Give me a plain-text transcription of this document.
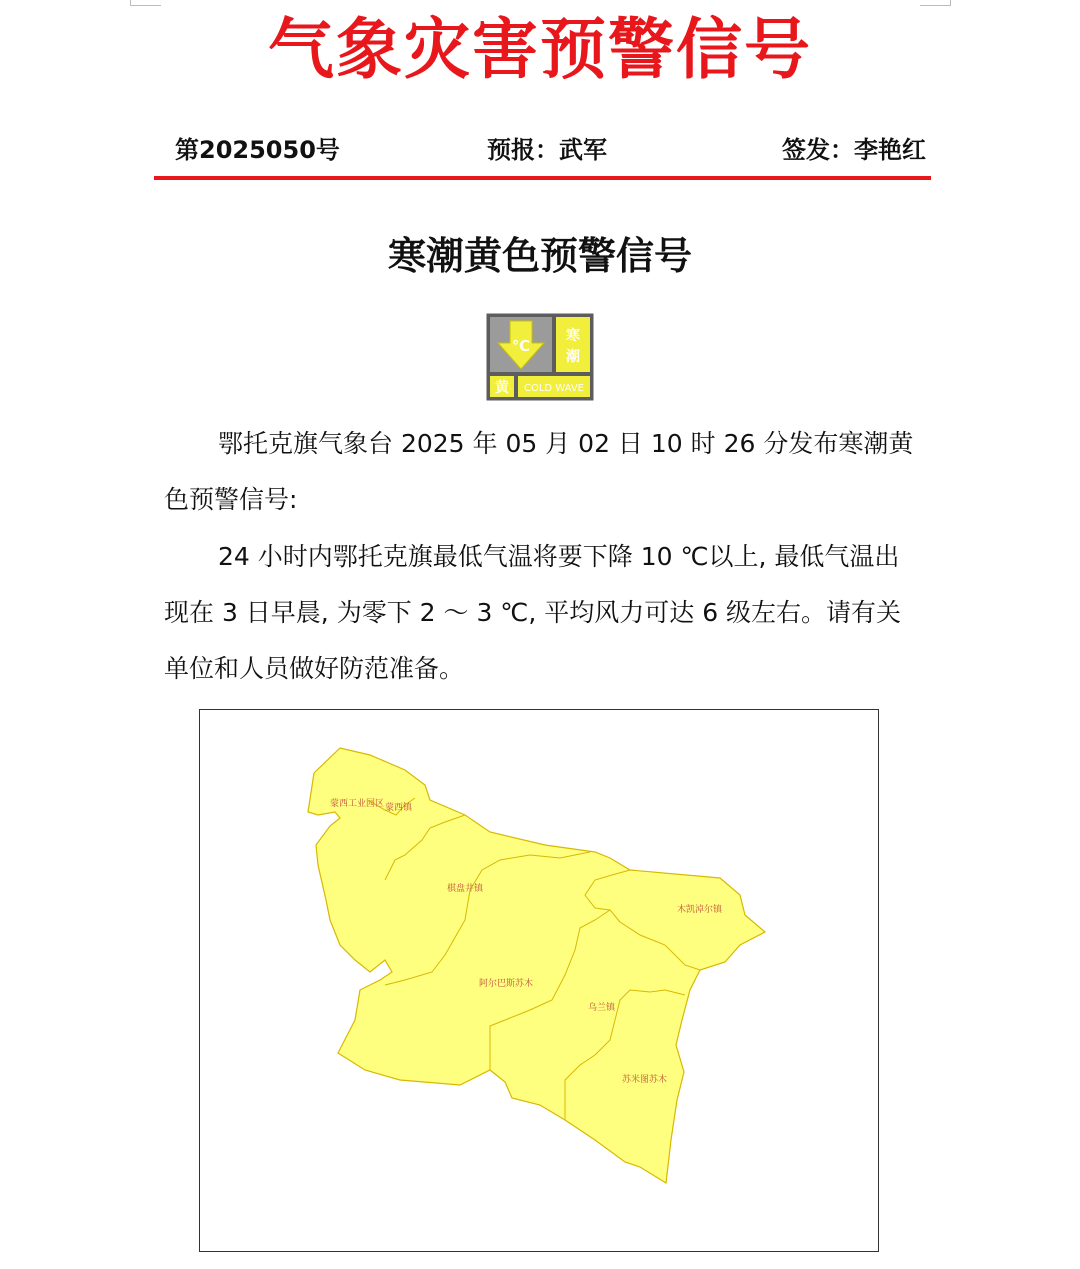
气象灾害预警信号
第2025050号	预报：武军	签发：李艳红
寒潮黄色预警信号
℃
寒
潮
黄 COLD WAVE

鄂托克旗气象台 2025 年 05 月 02 日 10 时 26 分发布寒潮黄色预警信号:

24 小时内鄂托克旗最低气温将要下降 10 ℃以上, 最低气温出现在 3 日早晨, 为零下 2 ～ 3 ℃, 平均风力可达 6 级左右。请有关单位和人员做好防范准备。

蒙西工业园区 蒙西镇
棋盘井镇
阿尔巴斯苏木
木凯淖尔镇
乌兰镇
苏米图苏木
